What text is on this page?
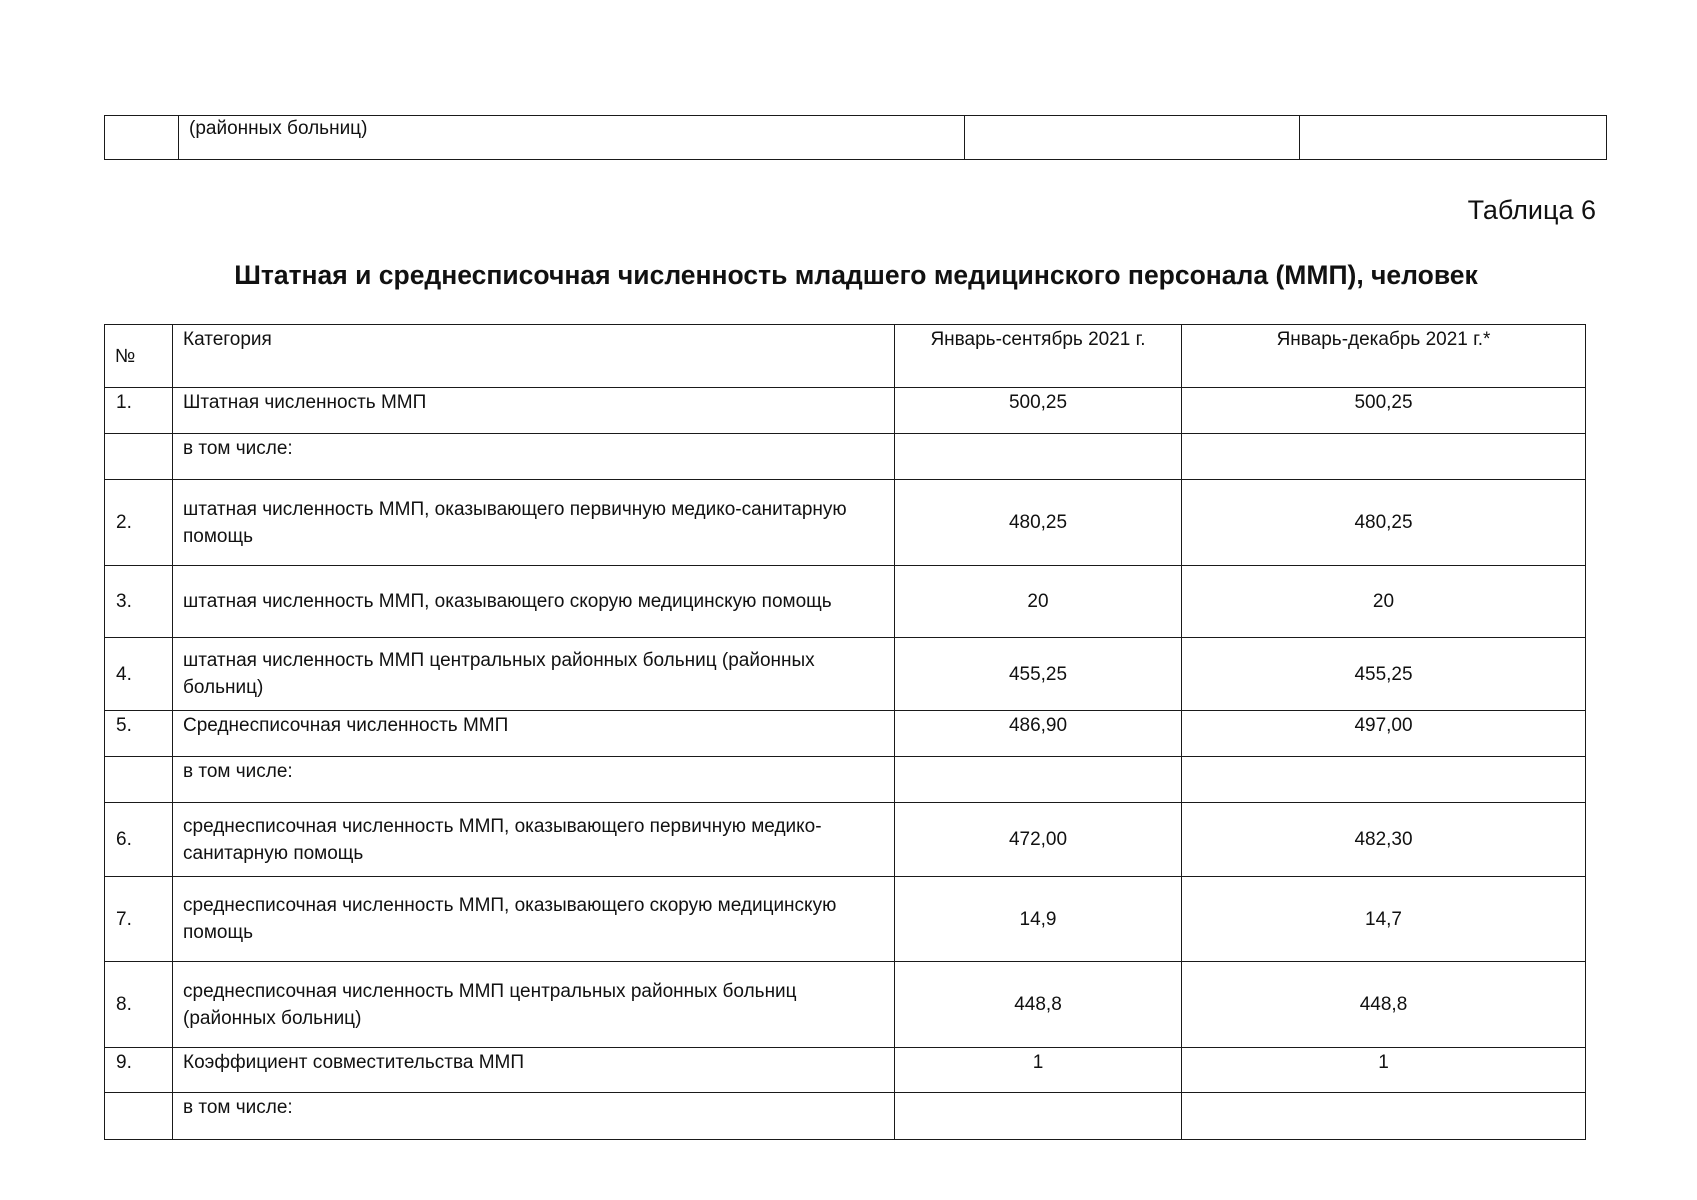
	(районных больниц)		
Таблица 6
Штатная и среднесписочная численность младшего медицинского персонала (ММП), человек
№	Категория	Январь-сентябрь 2021 г.	Январь-декабрь 2021 г.*
1.	Штатная численность ММП	500,25	500,25
	в том числе:		
2.	штатная численность ММП, оказывающего первичную медико-санитарную помощь	480,25	480,25
3.	штатная численность ММП, оказывающего скорую медицинскую помощь	20	20
4.	штатная численность ММП центральных районных больниц (районных больниц)	455,25	455,25
5.	Среднесписочная численность ММП	486,90	497,00
	в том числе:		
6.	среднесписочная численность ММП, оказывающего первичную медико-санитарную помощь	472,00	482,30
7.	среднесписочная численность ММП, оказывающего скорую медицинскую помощь	14,9	14,7
8.	среднесписочная численность ММП центральных районных больниц (районных больниц)	448,8	448,8
9.	Коэффициент совместительства ММП	1	1
	в том числе:		
